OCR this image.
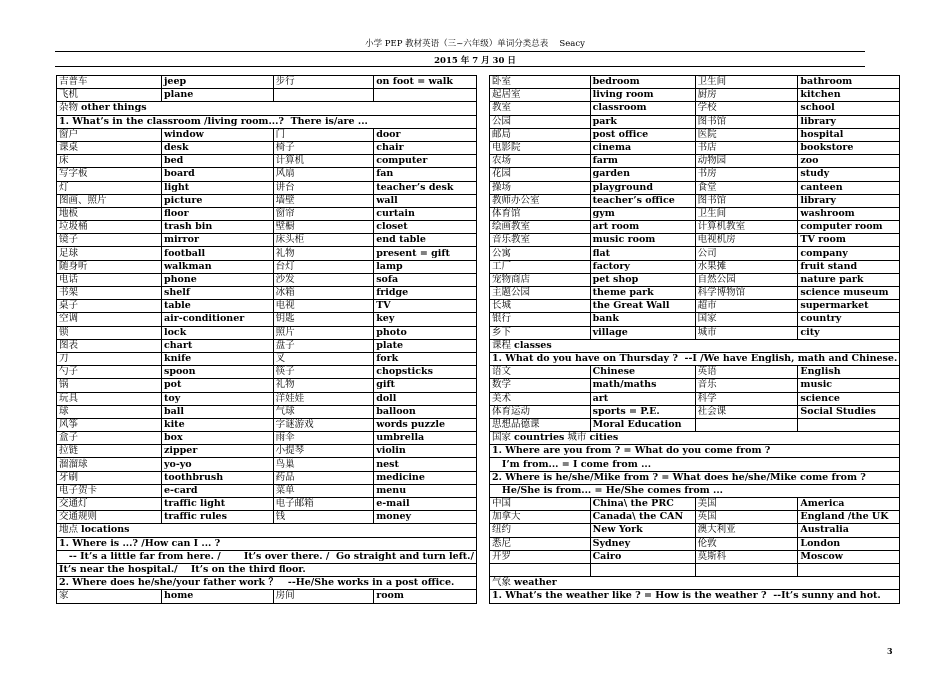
小学 PEP 教材英语（三~六年级）单词分类总表　 Seacy
2015 年 7 月 30 日
吉普车	jeep	步行	on foot = walk
飞机	plane		
杂物 other things			
1. What’s in the classroom /living room...?  There is/are ...			
窗户	window	门	door
课桌	desk	椅子	chair
床	bed	计算机	computer
写字板	board	风扇	fan
灯	light	讲台	teacher’s desk
图画、照片	picture	墙壁	wall
地板	floor	窗帘	curtain
垃圾桶	trash bin	壁橱	closet
镜子	mirror	床头柜	end table
足球	football	礼物	present = gift
随身听	walkman	台灯	lamp
电话	phone	沙发	sofa
书架	shelf	冰箱	fridge
桌子	table	电视	TV
空调	air-conditioner	钥匙	key
锁	lock	照片	photo
图表	chart	盘子	plate
刀	knife	叉	fork
勺子	spoon	筷子	chopsticks
锅	pot	礼物	gift
玩具	toy	洋娃娃	doll
球	ball	气球	balloon
风筝	kite	字谜游戏	words puzzle
盒子	box	雨伞	umbrella
拉链	zipper	小提琴	violin
溜溜球	yo-yo	鸟巢	nest
牙刷	toothbrush	药品	medicine
电子贺卡	e-card	菜单	menu
交通灯	traffic light	电子邮箱	e-mail
交通规则	traffic rules	钱	money
地点 locations			
1. Where is ...? /How can I ... ?			
-- It’s a little far from here. /       It’s over there. /  Go straight and turn left./			
It’s near the hospital./    It’s on the third floor.			
2. Where does he/she/your father work ？   --He/She works in a post office.			
家	home	房间	room
卧室	bedroom	卫生间	bathroom
起居室	living room	厨房	kitchen
教室	classroom	学校	school
公园	park	图书馆	library
邮局	post office	医院	hospital
电影院	cinema	书店	bookstore
农场	farm	动物园	zoo
花园	garden	书房	study
操场	playground	食堂	canteen
教师办公室	teacher’s office	图书馆	library
体育馆	gym	卫生间	washroom
绘画教室	art room	计算机教室	computer room
音乐教室	music room	电视机房	TV room
公寓	flat	公司	company
工厂	factory	水果摊	fruit stand
宠物商店	pet shop	自然公园	nature park
主题公园	theme park	科学博物馆	science museum
长城	the Great Wall	超市	supermarket
银行	bank	国家	country
乡下	village	城市	city
课程 classes			
1. What do you have on Thursday ?  --I /We have English, math and Chinese.			
语文	Chinese	英语	English
数学	math/maths	音乐	music
美术	art	科学	science
体育运动	sports = P.E.	社会课	Social Studies
思想品德课	Moral Education		
国家 countries 城市 cities			
1. Where are you from ? = What do you come from ?			
I’m from... = I come from ...			
2. Where is he/she/Mike from ? = What does he/she/Mike come from ?			
He/She is from... = He/She comes from ...			
中国	China\ the PRC	美国	America
加拿大	Canada\ the CAN	英国	England /the UK
纽约	New York	澳大利亚	Australia
悉尼	Sydney	伦敦	London
开罗	Cairo	莫斯科	Moscow

气象 weather			
1. What’s the weather like ? = How is the weather ?  --It’s sunny and hot.			
3
